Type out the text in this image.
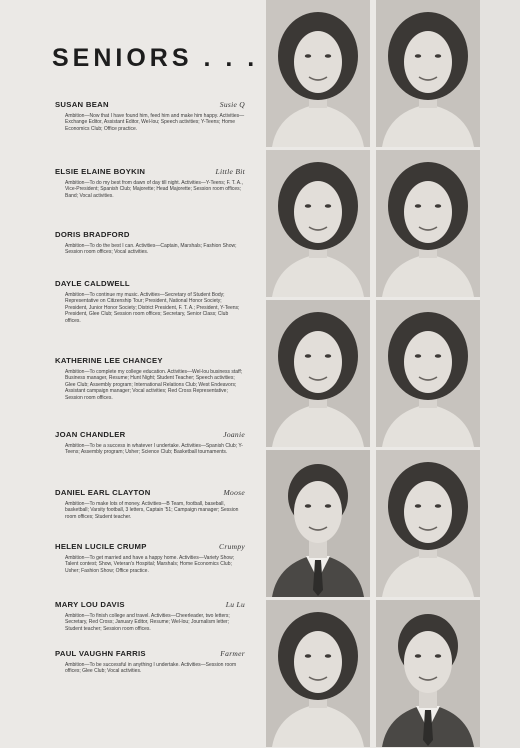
SENIORS . . .
SUSAN BEAN	Susie Q
Ambition—Now that I have found him, feed him and make him happy. Activities—Exchange Editor, Assistant Editor, Wel-lou; Speech activities; Y-Teens; Home Economics Club; Office practice.
ELSIE ELAINE BOYKIN	Little Bit
Ambition—To do my best from dawn of day till night. Activities—Y-Teens; F. T. A., Vice-President; Spanish Club; Majorette; Head Majorette; Session room offices; Band; Vocal activities.
DORIS BRADFORD
Ambition—To do the best I can. Activities—Captain, Marshals; Fashion Show; Session room offices; Vocal activities.
DAYLE CALDWELL
Ambition—To continue my music. Activities—Secretary of Student Body; Representative on Citizenship Tour; President, National Honor Society; President, Junior Honor Society; District President, F. T. A.; President, Y-Teens; President, Glee Club; Session room offices; Secretary, Senior Class; Club offices.
KATHERINE LEE CHANCEY
Ambition—To complete my college education. Activities—Wel-lou business staff; Business manager, Resume; Hunt Night; Student Teacher; Speech activities; Glee Club; Assembly program; International Relations Club; West Endeavors; Assistant campaign manager; Vocal activities; Red Cross Representative; Session room offices.
JOAN CHANDLER	Joanie
Ambition—To be a success in whatever I undertake. Activities—Spanish Club; Y-Teens; Assembly program; Usher; Science Club; Basketball tournaments.
DANIEL EARL CLAYTON	Moose
Ambition—To make lots of money. Activities—B Team, football, baseball, basketball; Varsity football, 3 letters, Captain '51; Campaign manager; Session room offices; Student teacher.
HELEN LUCILE CRUMP	Crumpy
Ambition—To get married and have a happy home. Activities—Variety Show; Talent contest; Show, Veteran's Hospital; Marshals; Home Economics Club; Usher; Fashion Show; Office practice.
MARY LOU DAVIS	Lu Lu
Ambition—To finish college and travel. Activities—Cheerleader, two letters; Secretary, Red Cross; January Editor, Resume; Wel-lou; Journalism letter; Student teacher; Session room offices.
PAUL VAUGHN FARRIS	Farmer
Ambition—To be successful in anything I undertake. Activities—Session room offices; Glee Club; Vocal activities.
